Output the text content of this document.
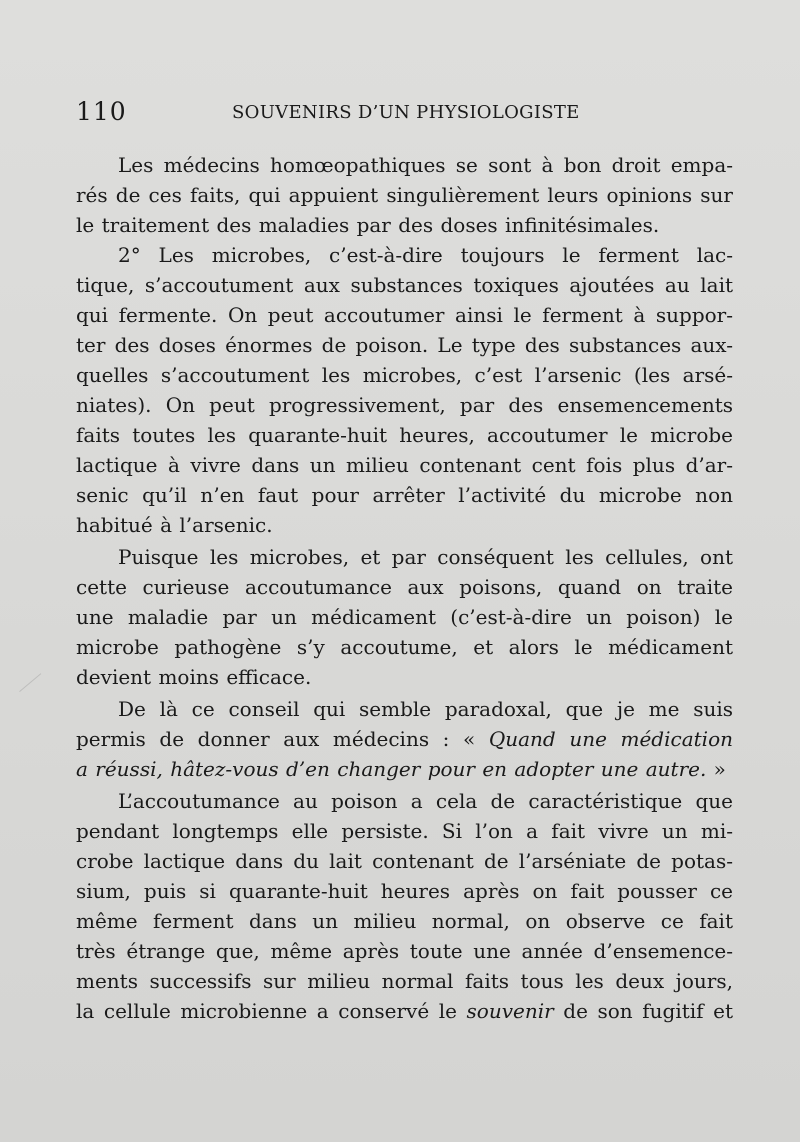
110	SOUVENIRS D’UN PHYSIOLOGISTE
Les médecins homœopathiques se sont à bon droit empa-
rés de ces faits, qui appuient singulièrement leurs opinions sur
le traitement des maladies par des doses infinitésimales.
2° Les microbes, c’est-à-dire toujours le ferment lac-
tique, s’accoutument aux substances toxiques ajoutées au lait
qui fermente. On peut accoutumer ainsi le ferment à suppor-
ter des doses énormes de poison. Le type des substances aux-
quelles s’accoutument les microbes, c’est l’arsenic (les arsé-
niates). On peut progressivement, par des ensemencements
faits toutes les quarante-huit heures, accoutumer le microbe
lactique à vivre dans un milieu contenant cent fois plus d’ar-
senic qu’il n’en faut pour arrêter l’activité du microbe non
habitué à l’arsenic.
Puisque les microbes, et par conséquent les cellules, ont
cette curieuse accoutumance aux poisons, quand on traite
une maladie par un médicament (c’est-à-dire un poison) le
microbe pathogène s’y accoutume, et alors le médicament
devient moins efficace.
De là ce conseil qui semble paradoxal, que je me suis
permis de donner aux médecins : « Quand une médication
a réussi, hâtez-vous d’en changer pour en adopter une autre. »
L’accoutumance au poison a cela de caractéristique que
pendant longtemps elle persiste. Si l’on a fait vivre un mi-
crobe lactique dans du lait contenant de l’arséniate de potas-
sium, puis si quarante-huit heures après on fait pousser ce
même ferment dans un milieu normal, on observe ce fait
très étrange que, même après toute une année d’ensemence-
ments successifs sur milieu normal faits tous les deux jours,
la cellule microbienne a conservé le souvenir de son fugitif et
